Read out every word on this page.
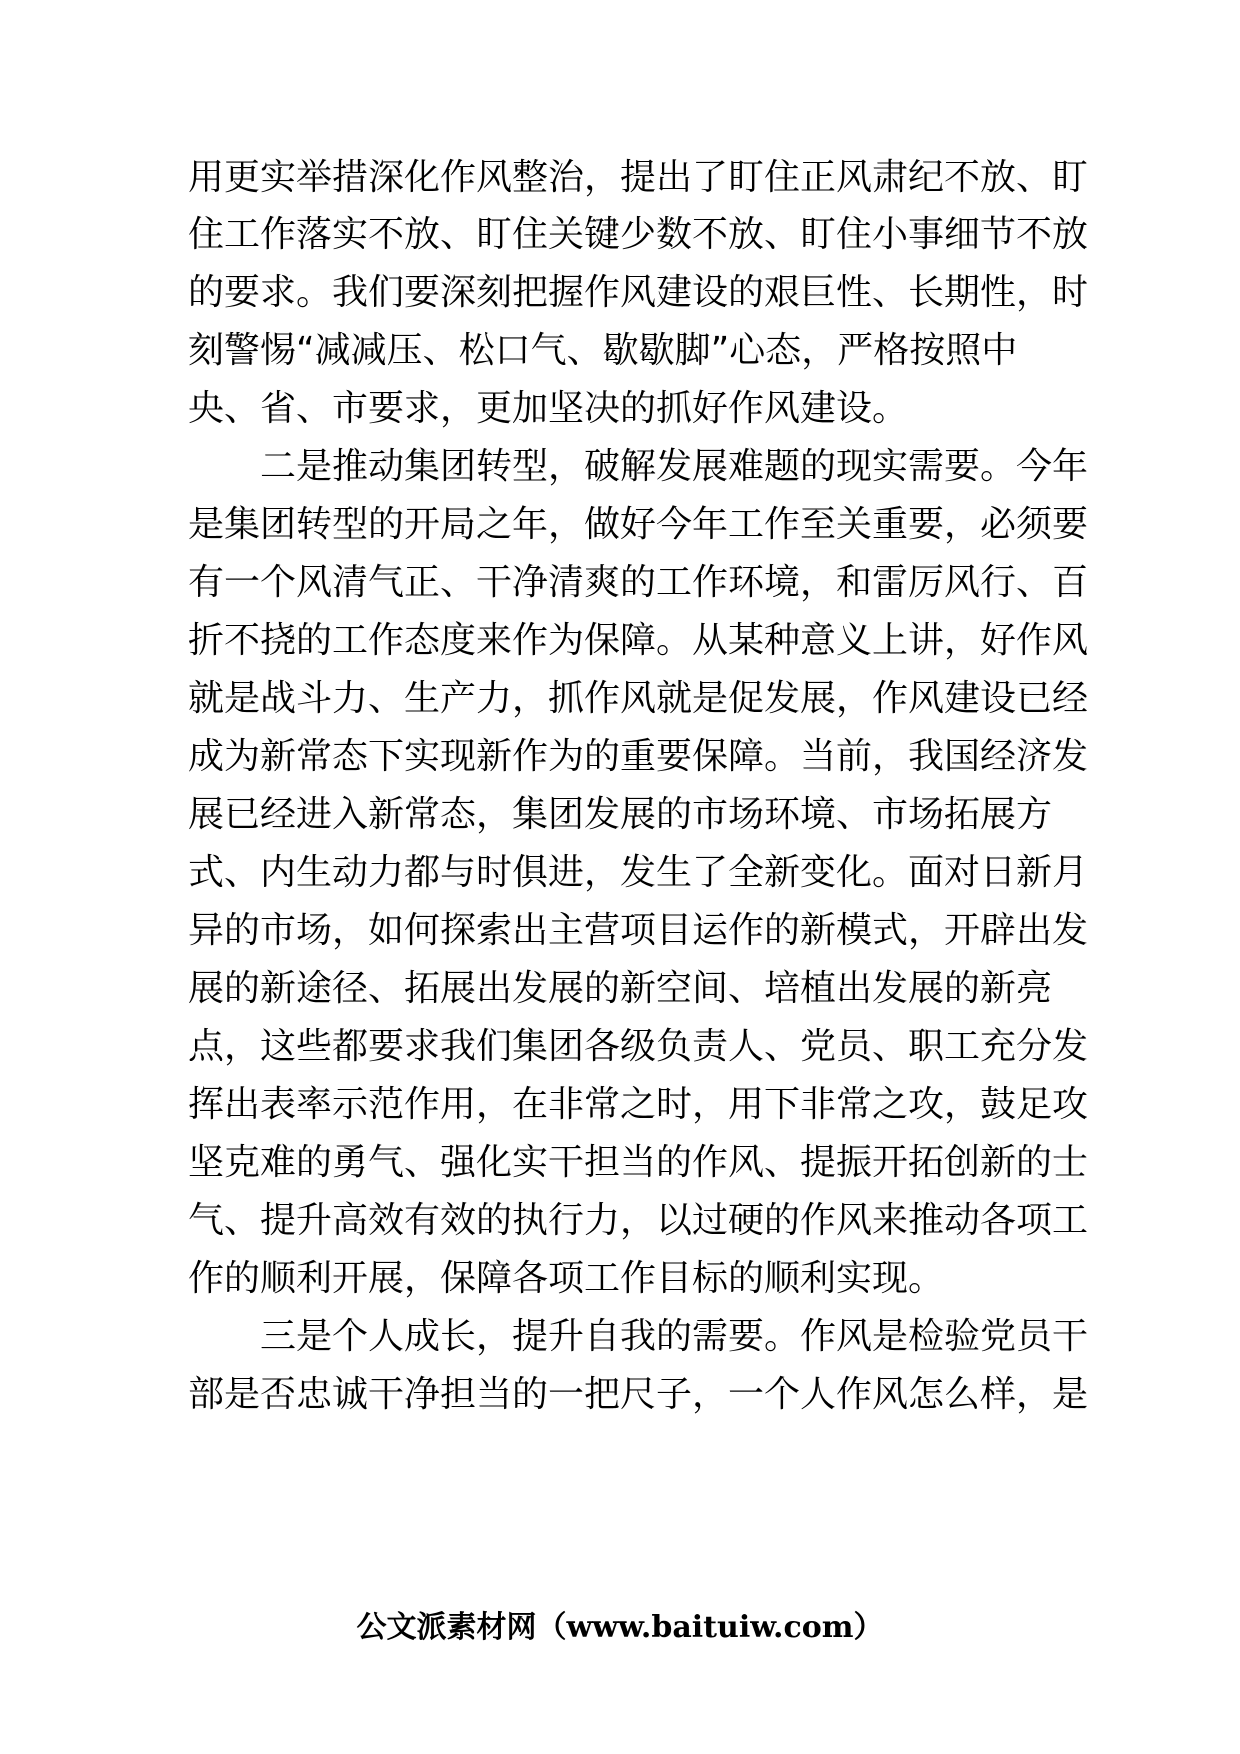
用更实举措深化作风整治，提出了盯住正风肃纪不放、盯
住工作落实不放、盯住关键少数不放、盯住小事细节不放
的要求。我们要深刻把握作风建设的艰巨性、长期性，时
刻警惕“减减压、松口气、歇歇脚”心态，严格按照中
央、省、市要求，更加坚决的抓好作风建设。
　　二是推动集团转型，破解发展难题的现实需要。今年
是集团转型的开局之年，做好今年工作至关重要，必须要
有一个风清气正、干净清爽的工作环境，和雷厉风行、百
折不挠的工作态度来作为保障。从某种意义上讲，好作风
就是战斗力、生产力，抓作风就是促发展，作风建设已经
成为新常态下实现新作为的重要保障。当前，我国经济发
展已经进入新常态，集团发展的市场环境、市场拓展方
式、内生动力都与时俱进，发生了全新变化。面对日新月
异的市场，如何探索出主营项目运作的新模式，开辟出发
展的新途径、拓展出发展的新空间、培植出发展的新亮
点，这些都要求我们集团各级负责人、党员、职工充分发
挥出表率示范作用，在非常之时，用下非常之攻，鼓足攻
坚克难的勇气、强化实干担当的作风、提振开拓创新的士
气、提升高效有效的执行力，以过硬的作风来推动各项工
作的顺利开展，保障各项工作目标的顺利实现。
　　三是个人成长，提升自我的需要。作风是检验党员干
部是否忠诚干净担当的一把尺子，一个人作风怎么样，是
公文派素材网（www.baituiw.com）
